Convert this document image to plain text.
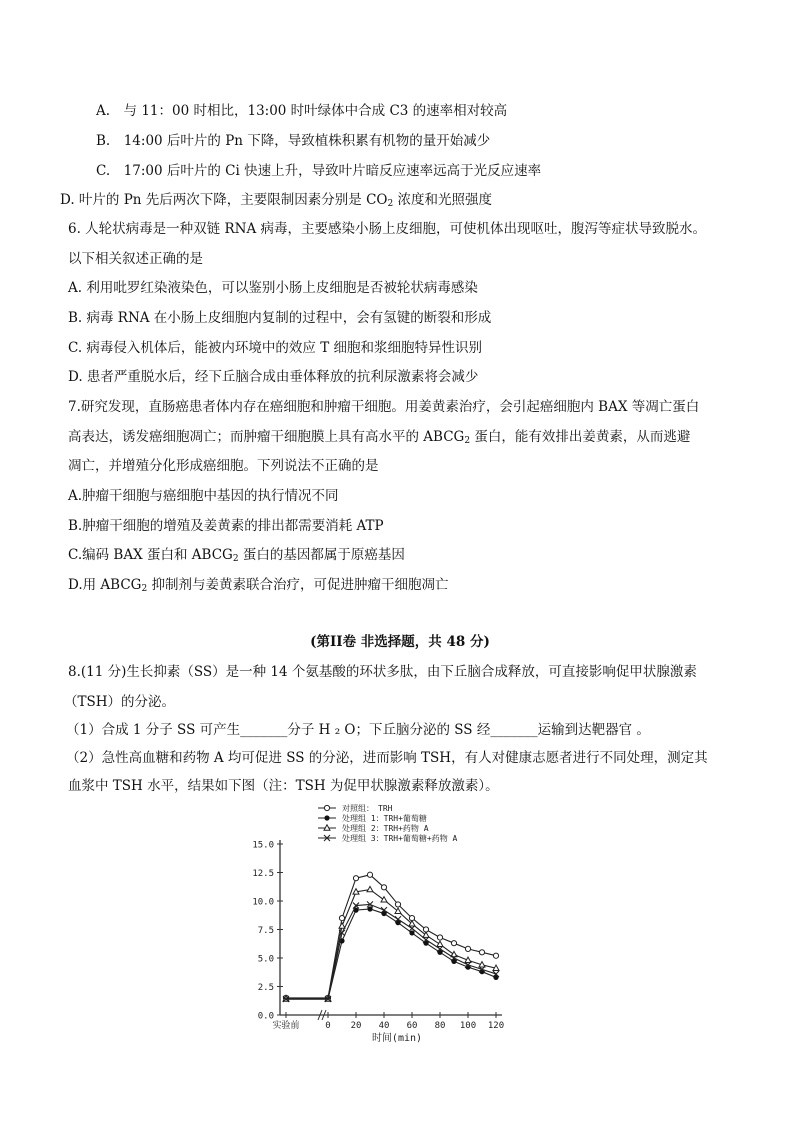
A.　与 11：00 时相比，13:00 时叶绿体中合成 C3 的速率相对较高
B.　14:00 后叶片的 Pn 下降，导致植株积累有机物的量开始减少
C.　17:00 后叶片的 Ci 快速上升，导致叶片暗反应速率远高于光反应速率
D. 叶片的 Pn 先后两次下降，主要限制因素分别是 $CO_2$ 浓度和光照强度
6. 人轮状病毒是一种双链 RNA 病毒，主要感染小肠上皮细胞，可使机体出现呕吐，腹泻等症状导致脱水。
以下相关叙述正确的是
A. 利用吡罗红染液染色，可以鉴别小肠上皮细胞是否被轮状病毒感染
B. 病毒 RNA 在小肠上皮细胞内复制的过程中，会有氢键的断裂和形成
C. 病毒侵入机体后，能被内环境中的效应 T 细胞和浆细胞特异性识别
D. 患者严重脱水后，经下丘脑合成由垂体释放的抗利尿激素将会减少
7.研究发现，直肠癌患者体内存在癌细胞和肿瘤干细胞。用姜黄素治疗，会引起癌细胞内 BAX 等凋亡蛋白
高表达，诱发癌细胞凋亡；而肿瘤干细胞膜上具有高水平的 $ABCG_2$ 蛋白，能有效排出姜黄素，从而逃避
凋亡，并增殖分化形成癌细胞。下列说法不正确的是
A.肿瘤干细胞与癌细胞中基因的执行情况不同
B.肿瘤干细胞的增殖及姜黄素的排出都需要消耗 ATP
C.编码 BAX 蛋白和 $ABCG_2$ 蛋白的基因都属于原癌基因
D.用 $ABCG_2$ 抑制剂与姜黄素联合治疗，可促进肿瘤干细胞凋亡
(第II卷 非选择题，共 48 分)
8.(11 分)生长抑素（SS）是一种 14 个氨基酸的环状多肽，由下丘脑合成释放，可直接影响促甲状腺激素
（TSH）的分泌。
（1）合成 1 分子 SS 可产生_______分子 H ₂ O；下丘脑分泌的 SS 经_______运输到达靶器官 。
（2）急性高血糖和药物 A 均可促进 SS 的分泌，进而影响 TSH，有人对健康志愿者进行不同处理，测定其
血浆中 TSH 水平，结果如下图（注：TSH 为促甲状腺激素释放激素）。
0.0
2.5
5.0
7.5
10.0
12.5
15.0
实验前	0 20 40 60 80 100 120
时间(min)
对照组：　TRH
处理组 1：TRH+葡萄糖
处理组 2：TRH+药物 A
处理组 3：TRH+葡萄糖+药物 A
